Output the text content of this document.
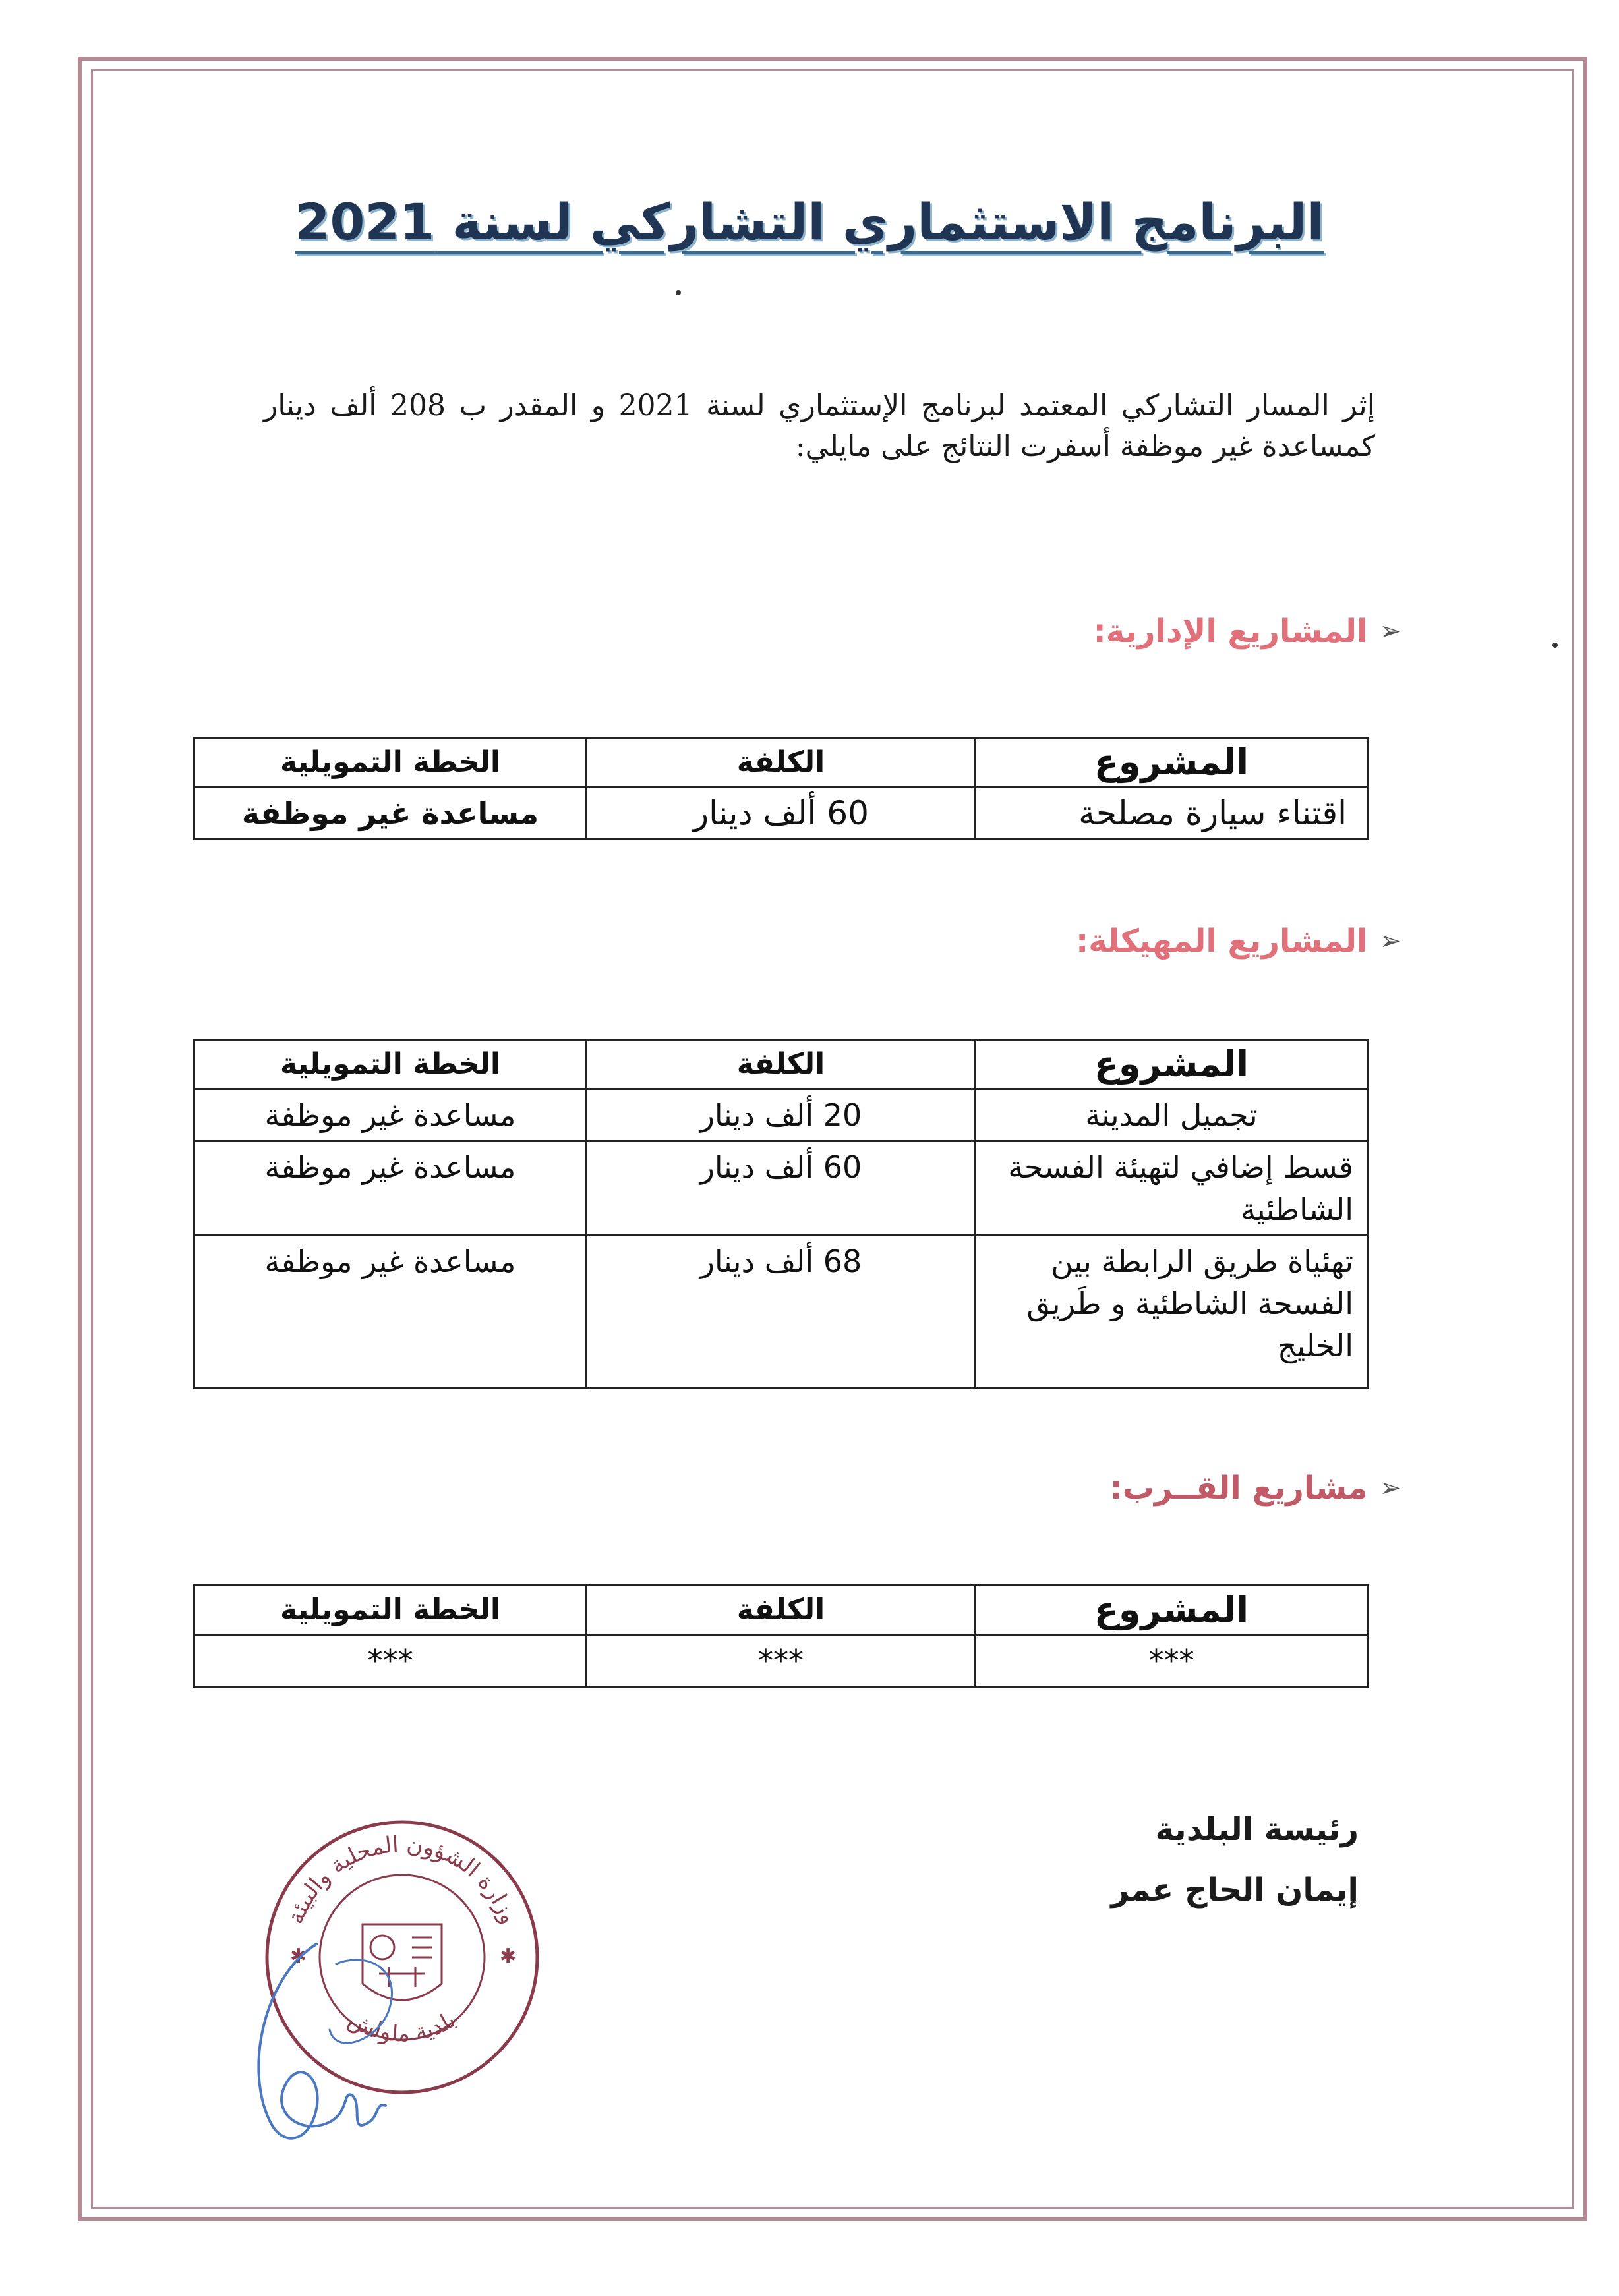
البرنامج الاستثماري التشاركي لسنة 2021
إثر المسار التشاركي المعتمد لبرنامج الإستثماري لسنة 2021 و المقدر ب 208 ألف دينار كمساعدة غير موظفة أسفرت النتائج على مايلي:
➢
المشاريع الإدارية:
المشروع	الكلفة	الخطة التمويلية
اقتناء سيارة مصلحة	60 ألف دينار	مساعدة غير موظفة
➢
المشاريع المهيكلة:
المشروع	الكلفة	الخطة التمويلية
تجميل المدينة	20 ألف دينار	مساعدة غير موظفة
قسط إضافي لتهيئة الفسحة الشاطئية	60 ألف دينار	مساعدة غير موظفة
تهئياة طريق الرابطة بين الفسحة الشاطئية و طَريق الخليج	68 ألف دينار	مساعدة غير موظفة
➢
مشاريع القــرب:
المشروع	الكلفة	الخطة التمويلية
***	***	***
وزارة الشؤون المحلية والبيئة
بلدية ملولش
✱	✱
رئيسة البلدية
إيمان الحاج عمر
